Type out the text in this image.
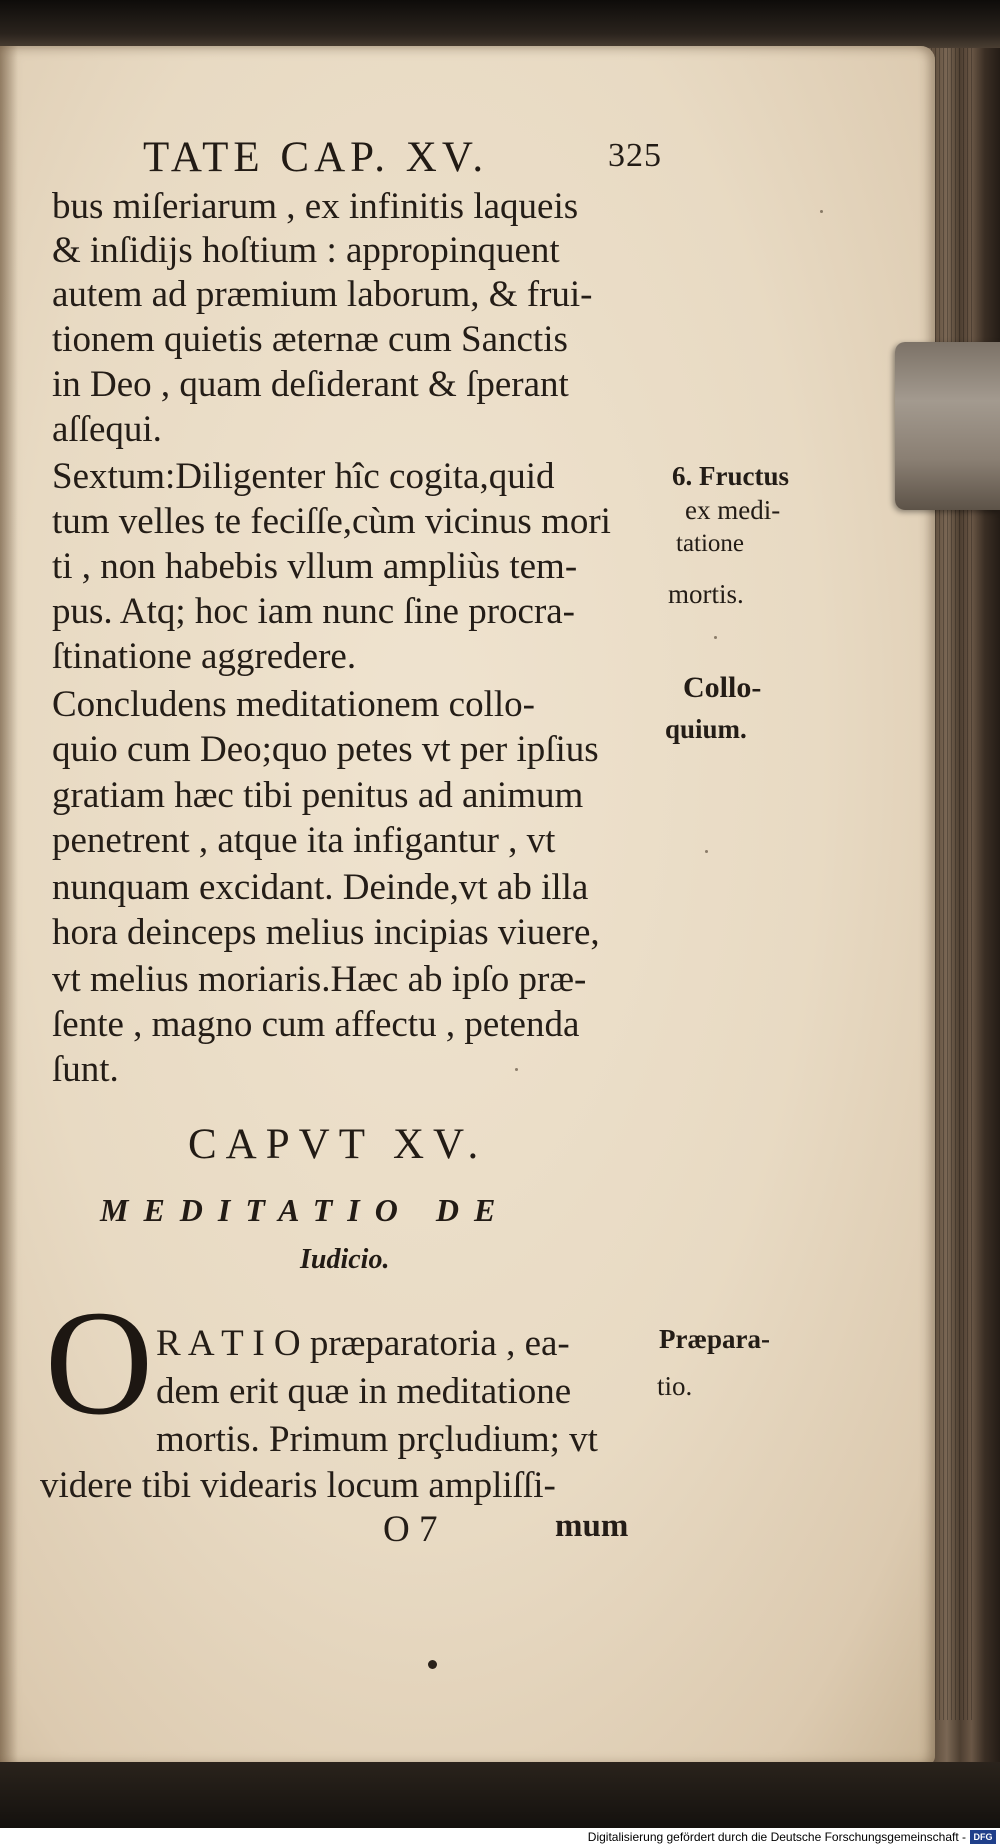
TATE CAP. XV.	325
bus miſeriarum , ex infinitis laqueis
& inſidijs hoſtium : appropinquent
autem ad præmium laborum, & frui-
tionem quietis æternæ cum Sanctis
in Deo , quam deſiderant & ſperant
aſſequi.
Sextum:Diligenter hîc cogita,quid
tum velles te feciſſe,cùm vicinus mori
ti , non habebis vllum ampliùs tem-
pus. Atq; hoc iam nunc ſine procra-
ſtinatione aggredere.
Concludens meditationem collo-
quio cum Deo;quo petes vt per ipſius
gratiam hæc tibi penitus ad animum
penetrent , atque ita infigantur , vt
nunquam excidant. Deinde,vt ab illa
hora deinceps melius incipias viuere,
vt melius moriaris.Hæc ab ipſo præ-
ſente , magno cum affectu , petenda
ſunt.
6. Fructus
ex medi-
tatione
mortis.
Collo-
quium.
Præpara-
tio.
CAPVT XV.
MEDITATIO DE
Iudicio.
O R A T I O præparatoria , ea-
dem erit quæ in meditatione
mortis. Primum prçludium; vt
videre tibi videaris locum ampliſſi-
O 7	mum
Digitalisierung gefördert durch die Deutsche Forschungsgemeinschaft - DFG
